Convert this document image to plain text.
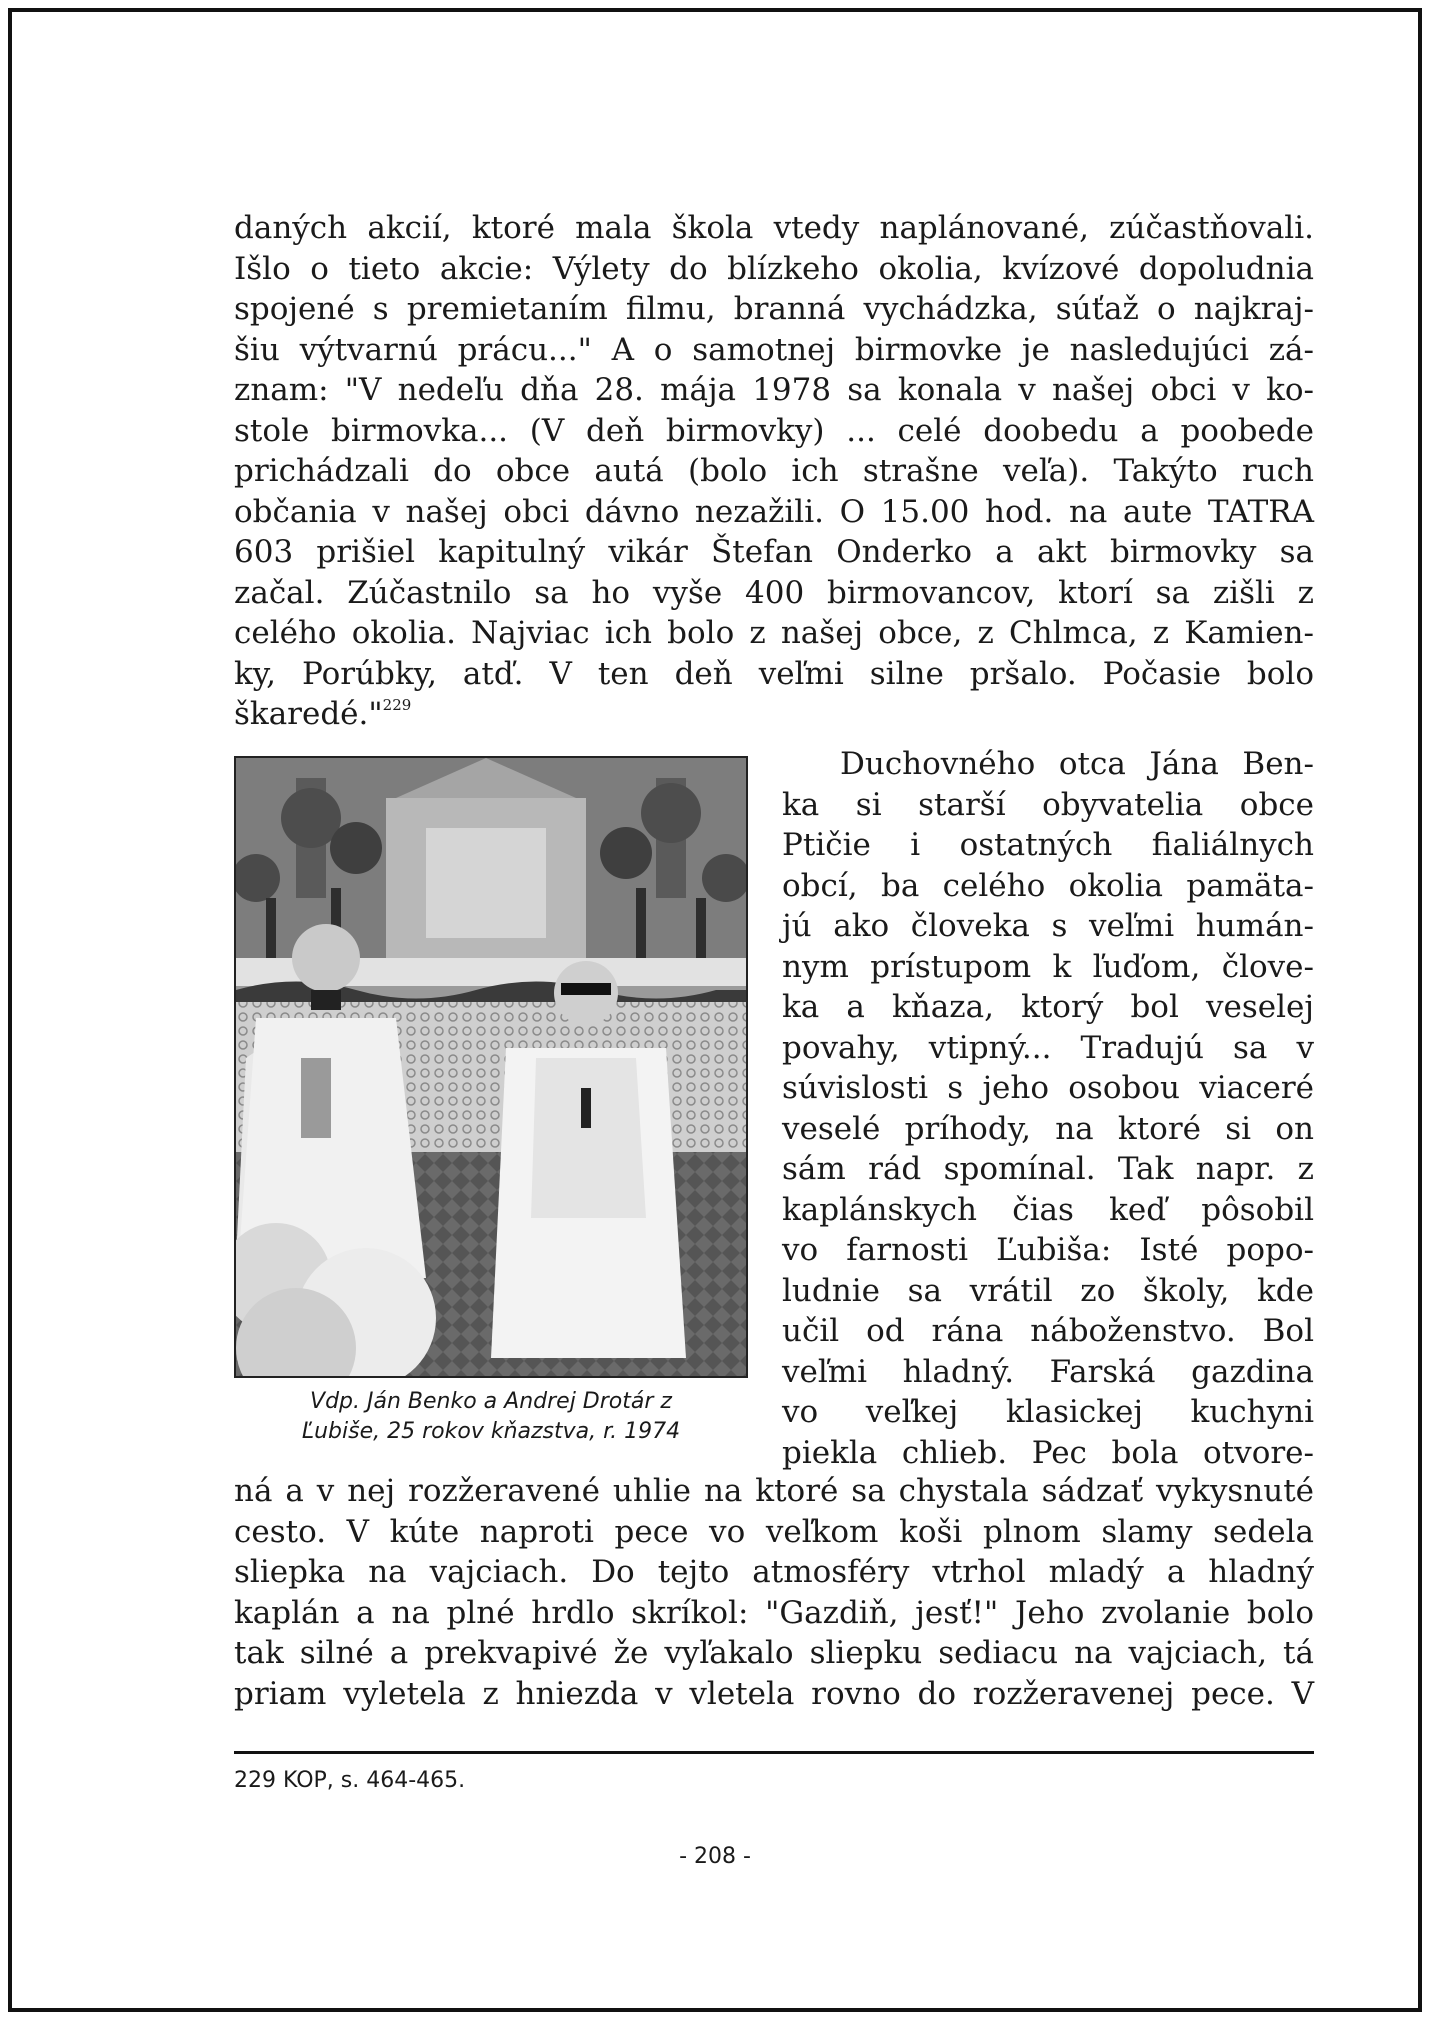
daných akcií, ktoré mala škola vtedy naplánované, zúčastňovali.
Išlo o tieto akcie: Výlety do blízkeho okolia, kvízové dopoludnia
spojené s premietaním filmu, branná vychádzka, súťaž o najkraj-
šiu výtvarnú prácu..." A o samotnej birmovke je nasledujúci zá-
znam: "V nedeľu dňa 28. mája 1978 sa konala v našej obci v ko-
stole birmovka... (V deň birmovky) ... celé doobedu a poobede
prichádzali do obce autá (bolo ich strašne veľa). Takýto ruch
občania v našej obci dávno nezažili. O 15.00 hod. na aute TATRA
603 prišiel kapitulný vikár Štefan Onderko a akt birmovky sa
začal. Zúčastnilo sa ho vyše 400 birmovancov, ktorí sa zišli z
celého okolia. Najviac ich bolo z našej obce, z Chlmca, z Kamien-
ky, Porúbky, atď. V ten deň veľmi silne pršalo. Počasie bolo
škaredé."$^{229}$
Vdp. Ján Benko a Andrej Drotár z
Ľubiše, 25 rokov kňazstva, r. 1974
Duchovného otca Jána Ben-
ka si starší obyvatelia obce
Ptičie i ostatných fialiálnych
obcí, ba celého okolia pamäta-
jú ako človeka s veľmi humán-
nym prístupom k ľuďom, člove-
ka a kňaza, ktorý bol veselej
povahy, vtipný... Tradujú sa v
súvislosti s jeho osobou viaceré
veselé príhody, na ktoré si on
sám rád spomínal. Tak napr. z
kaplánskych čias keď pôsobil
vo farnosti Ľubiša: Isté popo-
ludnie sa vrátil zo školy, kde
učil od rána náboženstvo. Bol
veľmi hladný. Farská gazdina
vo veľkej klasickej kuchyni
piekla chlieb. Pec bola otvore-
ná a v nej rozžeravené uhlie na ktoré sa chystala sádzať vykysnuté
cesto. V kúte naproti pece vo veľkom koši plnom slamy sedela
sliepka na vajciach. Do tejto atmosféry vtrhol mladý a hladný
kaplán a na plné hrdlo skríkol: "Gazdiň, jesť!" Jeho zvolanie bolo
tak silné a prekvapivé že vyľakalo sliepku sediacu na vajciach, tá
priam vyletela z hniezda v vletela rovno do rozžeravenej pece. V
229 KOP, s. 464-465.
- 208 -
